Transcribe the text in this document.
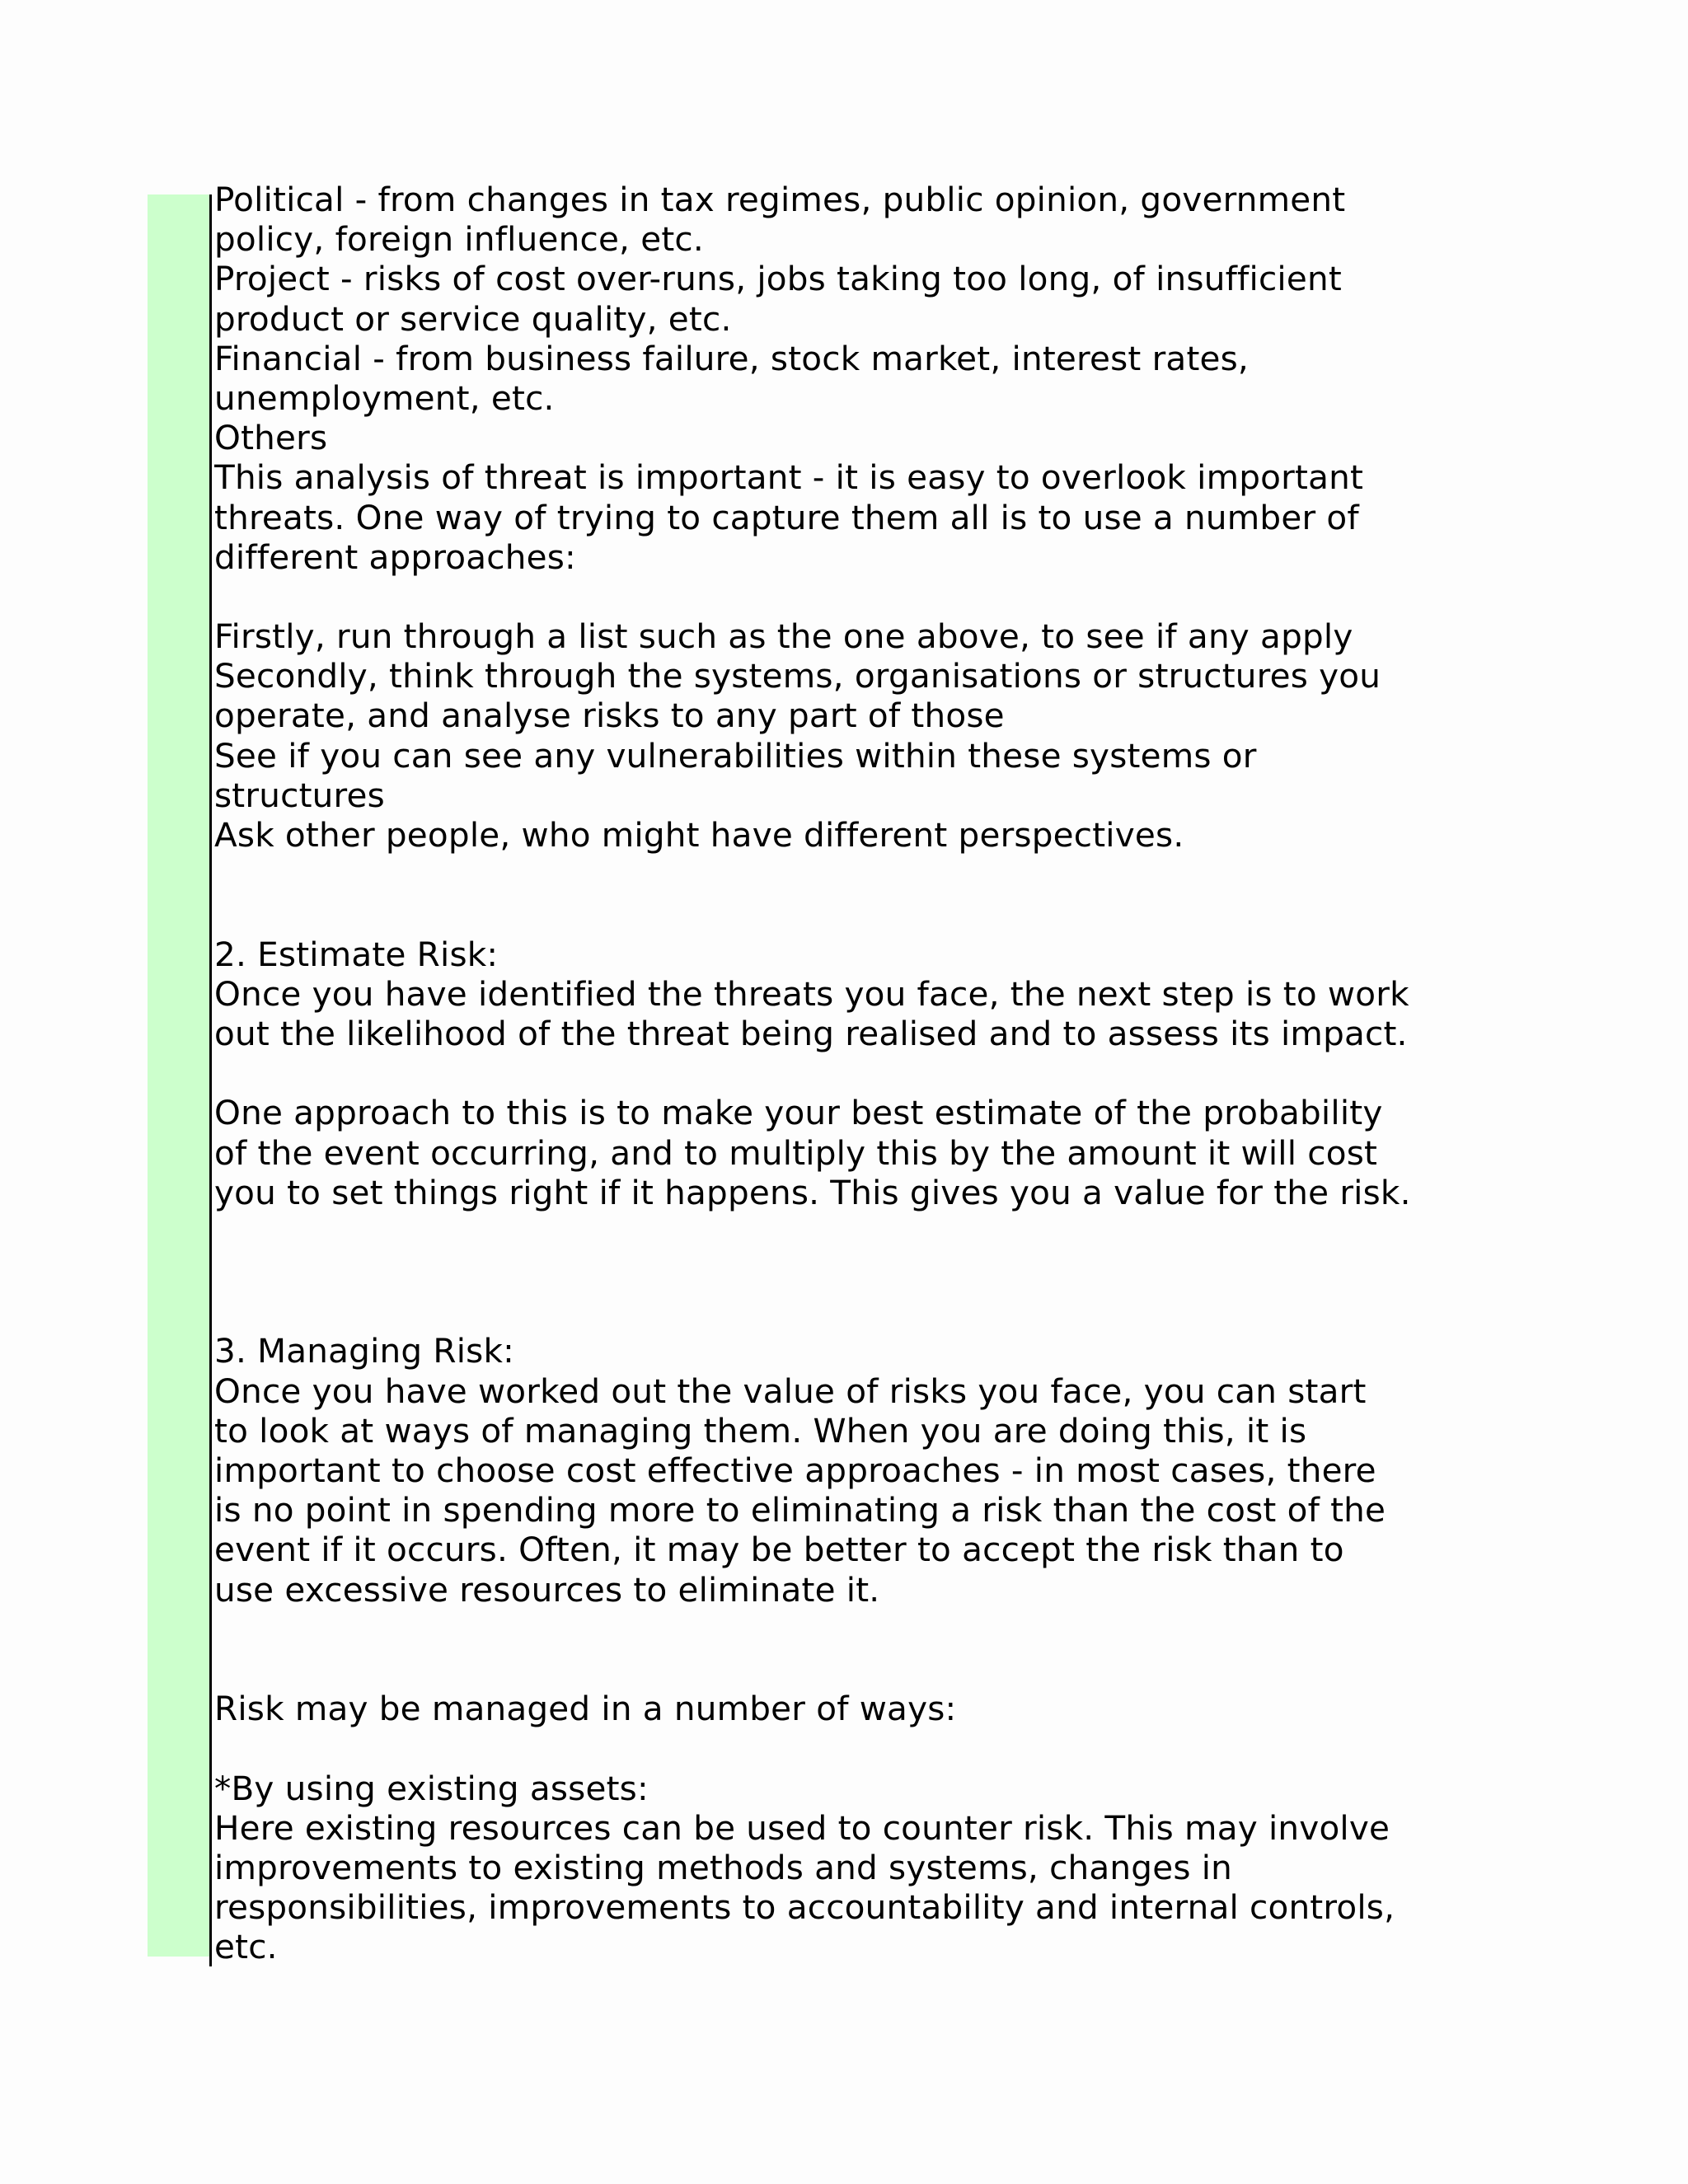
Political - from changes in tax regimes, public opinion, government
policy, foreign influence, etc.
Project - risks of cost over-runs, jobs taking too long, of insufficient
product or service quality, etc.
Financial - from business failure, stock market, interest rates,
unemployment, etc.
Others
This analysis of threat is important - it is easy to overlook important
threats. One way of trying to capture them all is to use a number of
different approaches:
Firstly, run through a list such as the one above, to see if any apply
Secondly, think through the systems, organisations or structures you
operate, and analyse risks to any part of those
See if you can see any vulnerabilities within these systems or
structures
Ask other people, who might have different perspectives.
2. Estimate Risk:
Once you have identified the threats you face, the next step is to work
out the likelihood of the threat being realised and to assess its impact.
One approach to this is to make your best estimate of the probability
of the event occurring, and to multiply this by the amount it will cost
you to set things right if it happens. This gives you a value for the risk.
3. Managing Risk:
Once you have worked out the value of risks you face, you can start
to look at ways of managing them. When you are doing this, it is
important to choose cost effective approaches - in most cases, there
is no point in spending more to eliminating a risk than the cost of the
event if it occurs. Often, it may be better to accept the risk than to
use excessive resources to eliminate it.
Risk may be managed in a number of ways:
*By using existing assets:
Here existing resources can be used to counter risk. This may involve
improvements to existing methods and systems, changes in
responsibilities, improvements to accountability and internal controls,
etc.
